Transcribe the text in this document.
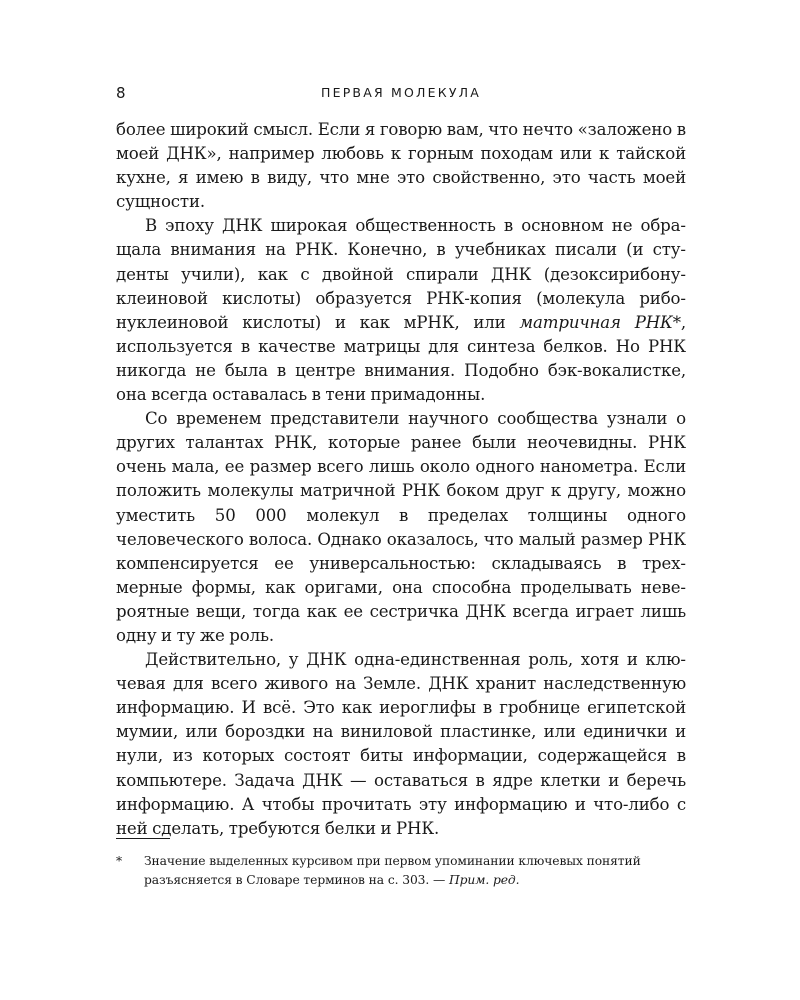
8	ПЕРВАЯ МОЛЕКУЛА

более широкий смысл. Если я говорю вам, что нечто «заложено в моей ДНК», например любовь к горным походам или к тайской кухне, я имею в виду, что мне это свойственно, это часть моей сущности.

В эпоху ДНК широкая общественность в основном не обращала внимания на РНК. Конечно, в учебниках писали (и студенты учили), как с двойной спирали ДНК (дезоксирибонуклеиновой кислоты) образуется РНК-копия (молекула рибонуклеиновой кислоты) и как мРНК, или матричная РНК*, используется в качестве матрицы для синтеза белков. Но РНК никогда не была в центре внимания. Подобно бэк-вокалистке, она всегда оставалась в тени примадонны.

Со временем представители научного сообщества узнали о других талантах РНК, которые ранее были неочевидны. РНК очень мала, ее размер всего лишь около одного нанометра. Если положить молекулы матричной РНК боком друг к другу, можно уместить 50 000 молекул в пределах толщины одного человеческого волоса. Однако оказалось, что малый размер РНК компенсируется ее универсальностью: складываясь в трехмерные формы, как оригами, она способна проделывать невероятные вещи, тогда как ее сестричка ДНК всегда играет лишь одну и ту же роль.

Действительно, у ДНК одна-единственная роль, хотя и ключевая для всего живого на Земле. ДНК хранит наследственную информацию. И всё. Это как иероглифы в гробнице египетской мумии, или бороздки на виниловой пластинке, или единички и нули, из которых состоят биты информации, содержащейся в компьютере. Задача ДНК — оставаться в ядре клетки и беречь информацию. А чтобы прочитать эту информацию и что-либо с ней сделать, требуются белки и РНК.

* Значение выделенных курсивом при первом упоминании ключевых понятий разъясняется в Словаре терминов на с. 303. — Прим. ред.
